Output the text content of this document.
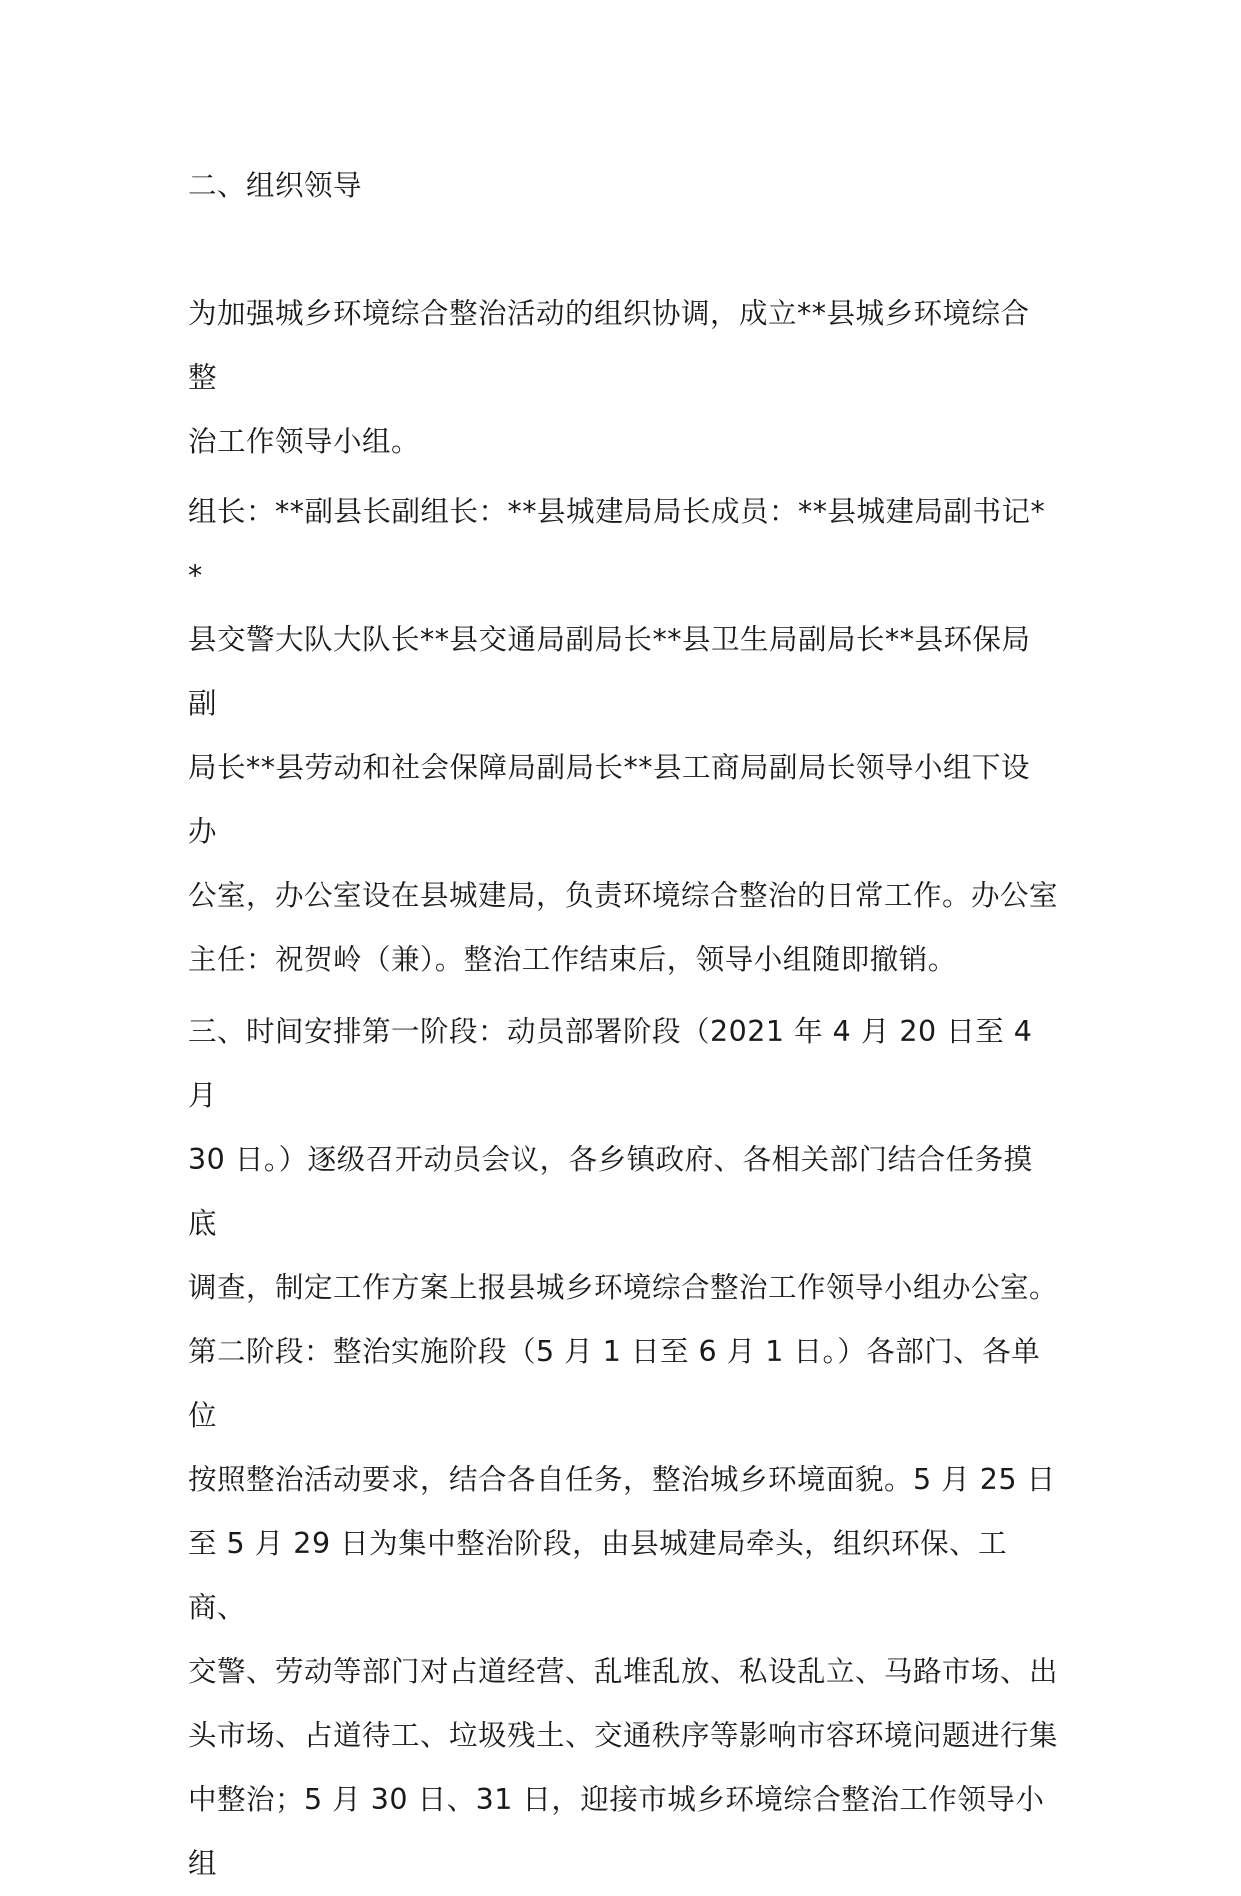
二、组织领导

为加强城乡环境综合整治活动的组织协调，成立**县城乡环境综合整
治工作领导小组。

组长：**副县长副组长：**县城建局局长成员：**县城建局副书记**
县交警大队大队长**县交通局副局长**县卫生局副局长**县环保局副
局长**县劳动和社会保障局副局长**县工商局副局长领导小组下设办
公室，办公室设在县城建局，负责环境综合整治的日常工作。办公室
主任：祝贺岭（兼）。整治工作结束后，领导小组随即撤销。

三、时间安排第一阶段：动员部署阶段（2021 年 4 月 20 日至 4 月
30 日。）逐级召开动员会议，各乡镇政府、各相关部门结合任务摸底
调查，制定工作方案上报县城乡环境综合整治工作领导小组办公室。
第二阶段：整治实施阶段（5 月 1 日至 6 月 1 日。）各部门、各单位
按照整治活动要求，结合各自任务，整治城乡环境面貌。5 月 25 日
至 5 月 29 日为集中整治阶段，由县城建局牵头，组织环保、工商、
交警、劳动等部门对占道经营、乱堆乱放、私设乱立、马路市场、出
头市场、占道待工、垃圾残土、交通秩序等影响市容环境问题进行集
中整治；5 月 30 日、31 日，迎接市城乡环境综合整治工作领导小组
